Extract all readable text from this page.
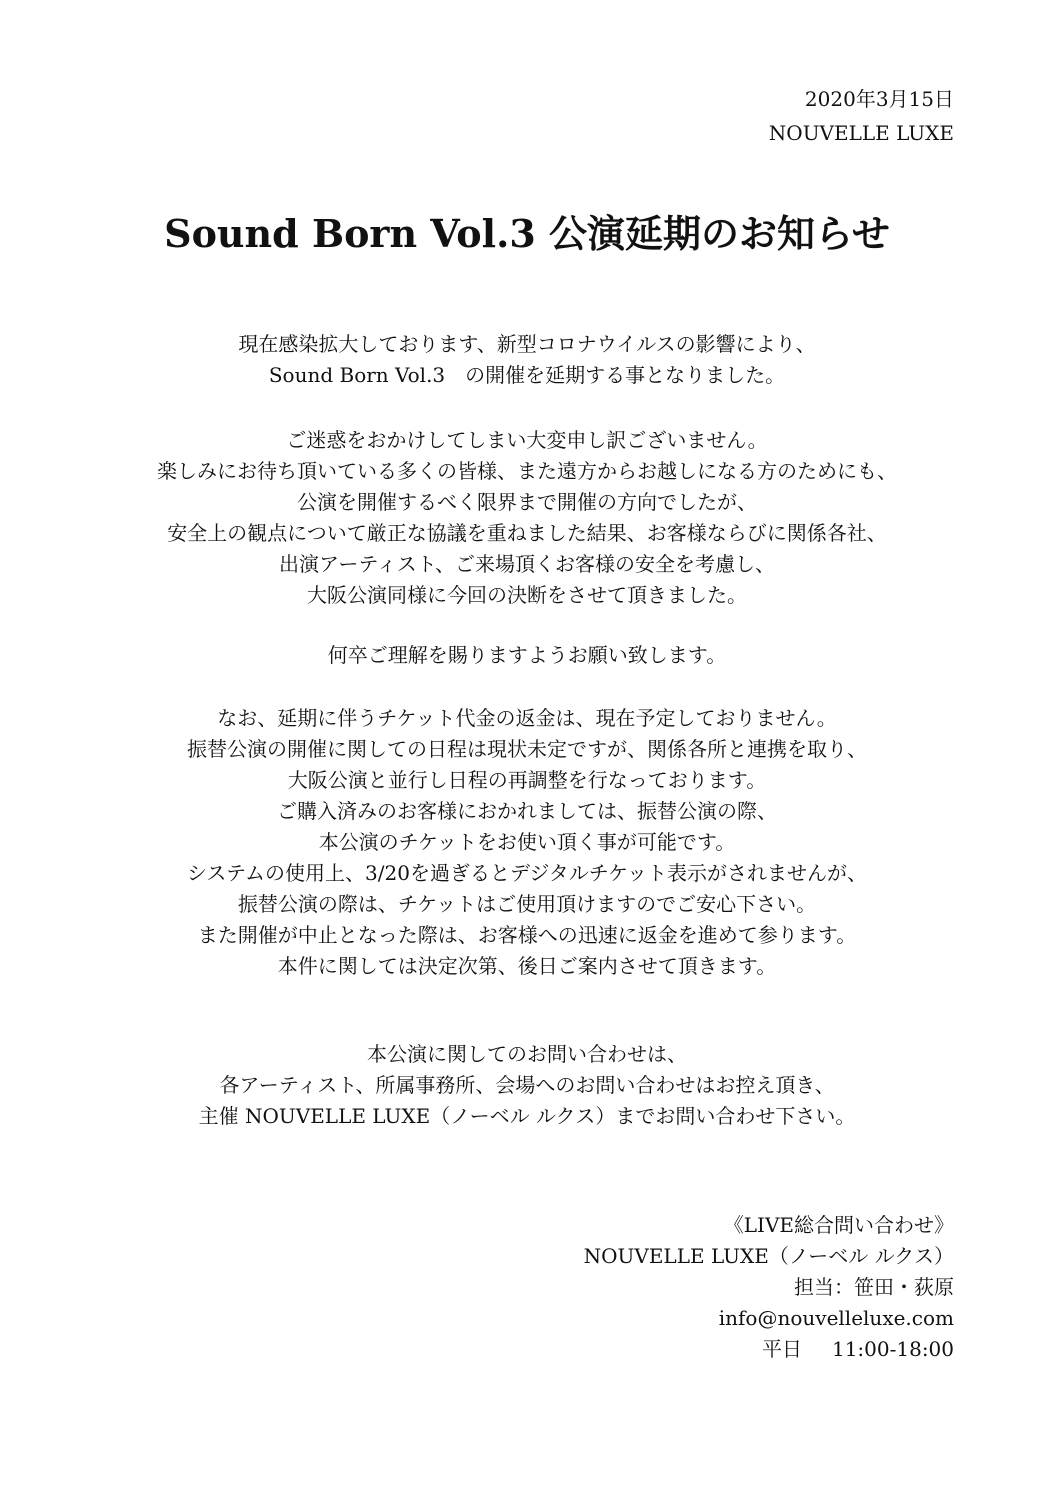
2020年3月15日
NOUVELLE LUXE
Sound Born Vol.3 公演延期のお知らせ

現在感染拡大しております、新型コロナウイルスの影響により、

Sound Born Vol.3　の開催を延期する事となりました。

ご迷惑をおかけしてしまい大変申し訳ございません。

楽しみにお待ち頂いている多くの皆様、また遠方からお越しになる方のためにも、

公演を開催するべく限界まで開催の方向でしたが、

安全上の観点について厳正な協議を重ねました結果、お客様ならびに関係各社、

出演アーティスト、ご来場頂くお客様の安全を考慮し、

大阪公演同様に今回の決断をさせて頂きました。

何卒ご理解を賜りますようお願い致します。

なお、延期に伴うチケット代金の返金は、現在予定しておりません。

振替公演の開催に関しての日程は現状未定ですが、関係各所と連携を取り、

大阪公演と並行し日程の再調整を行なっております。

ご購入済みのお客様におかれましては、振替公演の際、

本公演のチケットをお使い頂く事が可能です。

システムの使用上、3/20を過ぎるとデジタルチケット表示がされませんが、

振替公演の際は、チケットはご使用頂けますのでご安心下さい。

また開催が中止となった際は、お客様への迅速に返金を進めて参ります。

本件に関しては決定次第、後日ご案内させて頂きます。

本公演に関してのお問い合わせは、

各アーティスト、所属事務所、会場へのお問い合わせはお控え頂き、

主催 NOUVELLE LUXE（ノーベル ルクス）までお問い合わせ下さい。

《LIVE総合問い合わせ》

NOUVELLE LUXE（ノーベル ルクス）

担当：笹田・荻原

info@nouvelleluxe.com

平日 11:00-18:00
